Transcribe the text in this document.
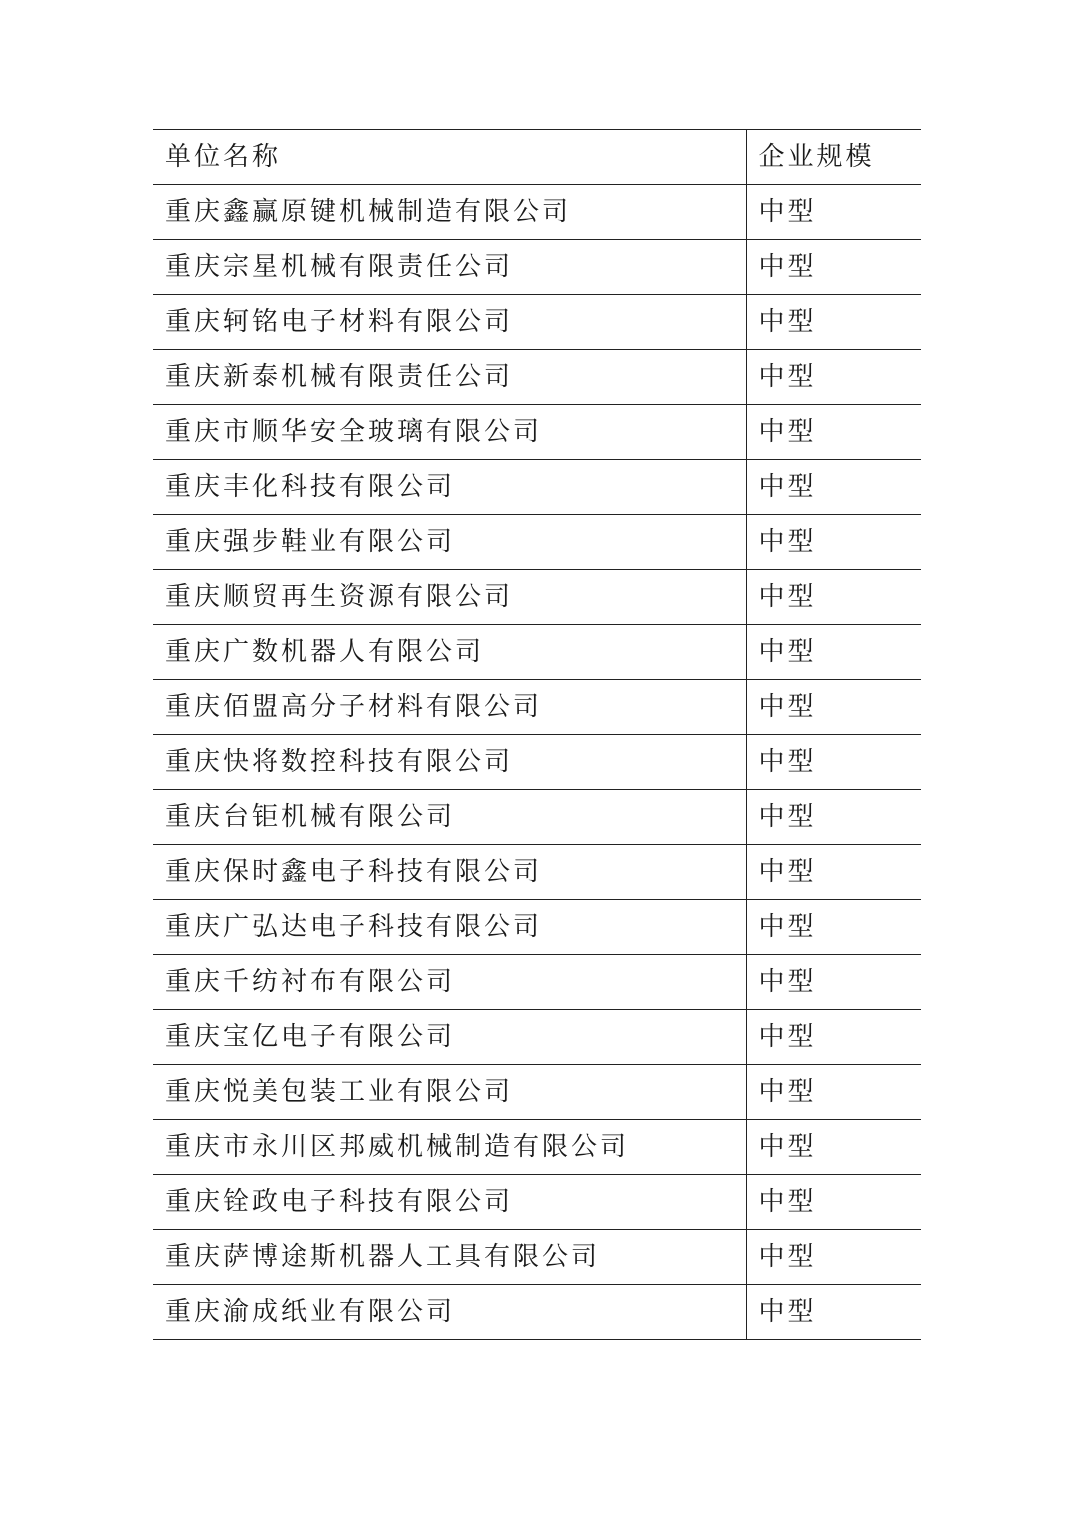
单位名称	企业规模
重庆鑫赢原键机械制造有限公司	中型
重庆宗星机械有限责任公司	中型
重庆轲铭电子材料有限公司	中型
重庆新泰机械有限责任公司	中型
重庆市顺华安全玻璃有限公司	中型
重庆丰化科技有限公司	中型
重庆强步鞋业有限公司	中型
重庆顺贸再生资源有限公司	中型
重庆广数机器人有限公司	中型
重庆佰盟高分子材料有限公司	中型
重庆快将数控科技有限公司	中型
重庆台钜机械有限公司	中型
重庆保时鑫电子科技有限公司	中型
重庆广弘达电子科技有限公司	中型
重庆千纺衬布有限公司	中型
重庆宝亿电子有限公司	中型
重庆悦美包装工业有限公司	中型
重庆市永川区邦威机械制造有限公司	中型
重庆铨政电子科技有限公司	中型
重庆萨博途斯机器人工具有限公司	中型
重庆渝成纸业有限公司	中型
